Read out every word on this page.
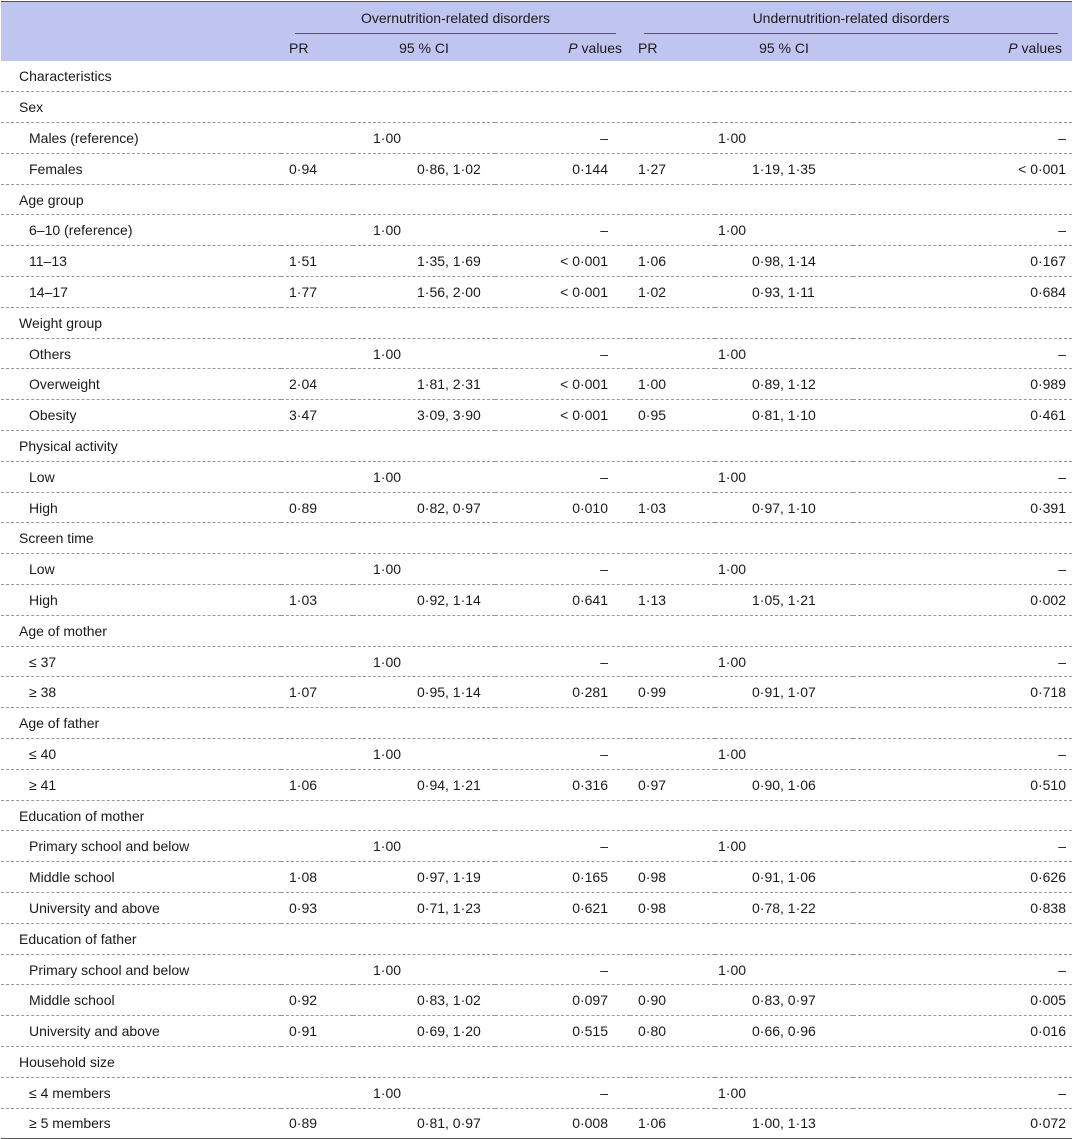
	Overnutrition-related disorders			Undernutrition-related disorders		

	PR	95 % CI	P values	PR	95 % CI	P values
Characteristics						
Sex						
Males (reference)		1·00	–		1·00	–
Females	0·94	0·86, 1·02	0·144	1·27	1·19, 1·35	< 0·001
Age group						
6–10 (reference)		1·00	–		1·00	–
11–13	1·51	1·35, 1·69	< 0·001	1·06	0·98, 1·14	0·167
14–17	1·77	1·56, 2·00	< 0·001	1·02	0·93, 1·11	0·684
Weight group						
Others		1·00	–		1·00	–
Overweight	2·04	1·81, 2·31	< 0·001	1·00	0·89, 1·12	0·989
Obesity	3·47	3·09, 3·90	< 0·001	0·95	0·81, 1·10	0·461
Physical activity						
Low		1·00	–		1·00	–
High	0·89	0·82, 0·97	0·010	1·03	0·97, 1·10	0·391
Screen time						
Low		1·00	–		1·00	–
High	1·03	0·92, 1·14	0·641	1·13	1·05, 1·21	0·002
Age of mother						
≤ 37		1·00	–		1·00	–
≥ 38	1·07	0·95, 1·14	0·281	0·99	0·91, 1·07	0·718
Age of father						
≤ 40		1·00	–		1·00	–
≥ 41	1·06	0·94, 1·21	0·316	0·97	0·90, 1·06	0·510
Education of mother						
Primary school and below		1·00	–		1·00	–
Middle school	1·08	0·97, 1·19	0·165	0·98	0·91, 1·06	0·626
University and above	0·93	0·71, 1·23	0·621	0·98	0·78, 1·22	0·838
Education of father						
Primary school and below		1·00	–		1·00	–
Middle school	0·92	0·83, 1·02	0·097	0·90	0·83, 0·97	0·005
University and above	0·91	0·69, 1·20	0·515	0·80	0·66, 0·96	0·016
Household size						
≤ 4 members		1·00	–		1·00	–
≥ 5 members	0·89	0·81, 0·97	0·008	1·06	1·00, 1·13	0·072
